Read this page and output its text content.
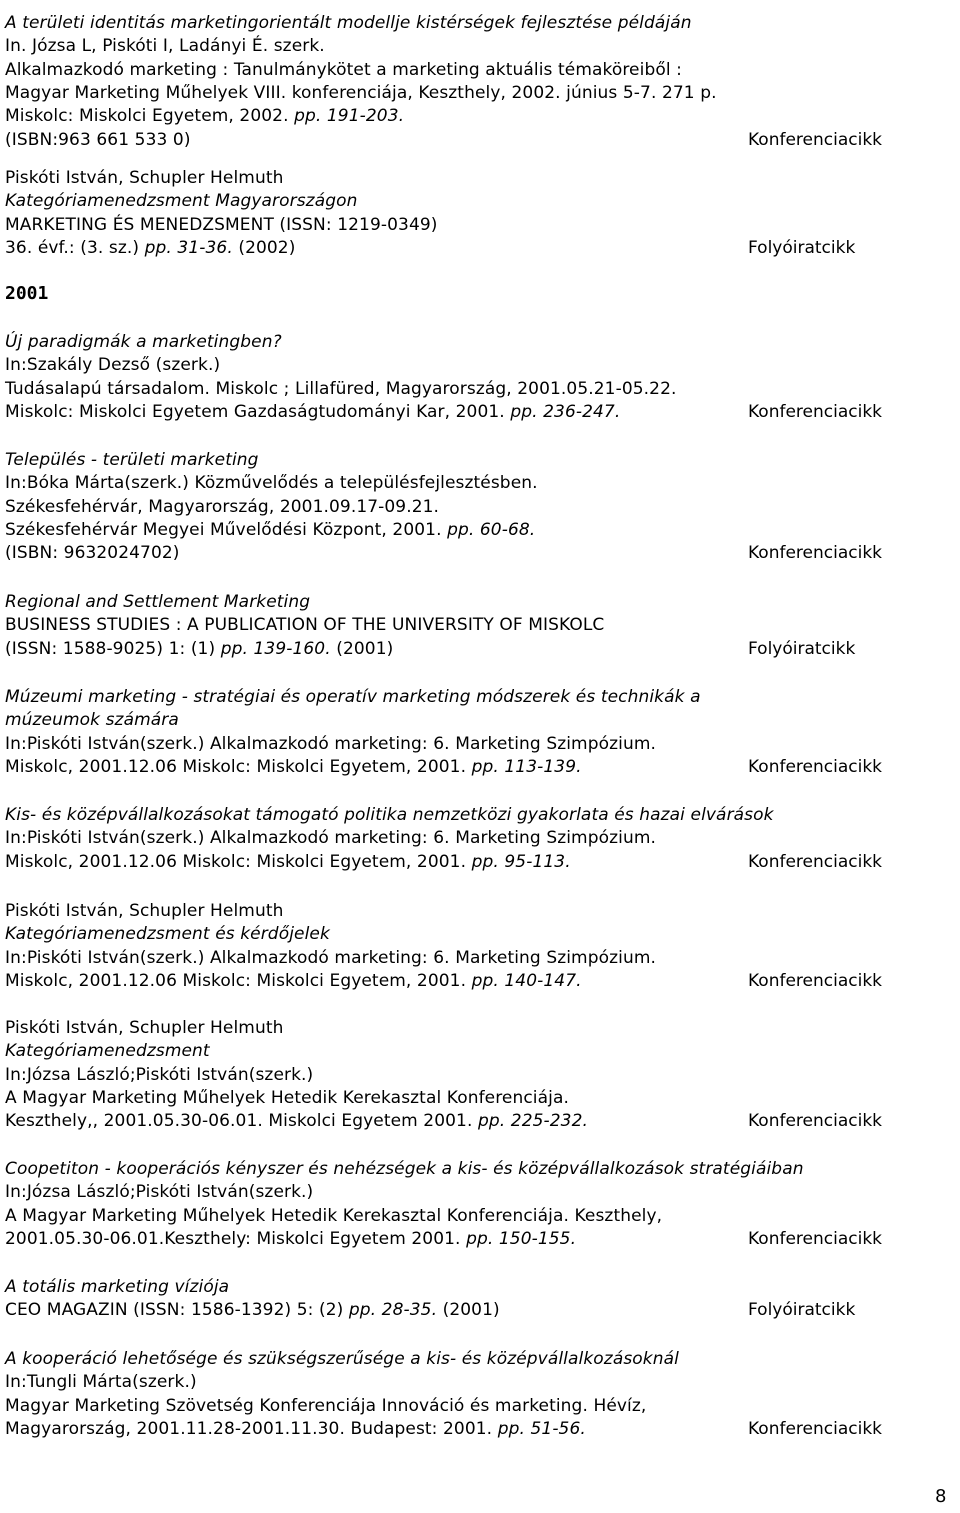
2001
8
A területi identitás marketingorientált modellje kistérségek fejlesztése példáján
In. Józsa L, Piskóti I, Ladányi É. szerk.
Alkalmazkodó marketing : Tanulmánykötet a marketing aktuális témaköreiből :
Magyar Marketing Műhelyek VIII. konferenciája, Keszthely, 2002. június 5-7. 271 p.
Miskolc: Miskolci Egyetem, 2002. pp. 191-203.
(ISBN:963 661 533 0)	Konferenciacikk
Piskóti István, Schupler Helmuth
Kategóriamenedzsment Magyarországon
MARKETING ÉS MENEDZSMENT (ISSN: 1219-0349)
36. évf.: (3. sz.) pp. 31-36. (2002)	Folyóiratcikk
Új paradigmák a marketingben?
In:Szakály Dezső (szerk.)
Tudásalapú társadalom. Miskolc ; Lillafüred, Magyarország, 2001.05.21-05.22.
Miskolc: Miskolci Egyetem Gazdaságtudományi Kar, 2001. pp. 236-247.	Konferenciacikk
Település - területi marketing
In:Bóka Márta(szerk.) Közművelődés a településfejlesztésben.
Székesfehérvár, Magyarország, 2001.09.17-09.21.
Székesfehérvár Megyei Művelődési Központ, 2001. pp. 60-68.
(ISBN: 9632024702)	Konferenciacikk
Regional and Settlement Marketing
BUSINESS STUDIES : A PUBLICATION OF THE UNIVERSITY OF MISKOLC
(ISSN: 1588-9025) 1: (1) pp. 139-160. (2001)	Folyóiratcikk
Múzeumi marketing - stratégiai és operatív marketing módszerek és technikák a
múzeumok számára
In:Piskóti István(szerk.) Alkalmazkodó marketing: 6. Marketing Szimpózium.
Miskolc, 2001.12.06 Miskolc: Miskolci Egyetem, 2001. pp. 113-139.	Konferenciacikk
Kis- és középvállalkozásokat támogató politika nemzetközi gyakorlata és hazai elvárások
In:Piskóti István(szerk.) Alkalmazkodó marketing: 6. Marketing Szimpózium.
Miskolc, 2001.12.06 Miskolc: Miskolci Egyetem, 2001. pp. 95-113.	Konferenciacikk
Piskóti István, Schupler Helmuth
Kategóriamenedzsment és kérdőjelek
In:Piskóti István(szerk.) Alkalmazkodó marketing: 6. Marketing Szimpózium.
Miskolc, 2001.12.06 Miskolc: Miskolci Egyetem, 2001. pp. 140-147.	Konferenciacikk
Piskóti István, Schupler Helmuth
Kategóriamenedzsment
In:Józsa László;Piskóti István(szerk.)
A Magyar Marketing Műhelyek Hetedik Kerekasztal Konferenciája.
Keszthely,, 2001.05.30-06.01. Miskolci Egyetem 2001. pp. 225-232.	Konferenciacikk
Coopetiton - kooperációs kényszer és nehézségek a kis- és középvállalkozások stratégiáiban
In:Józsa László;Piskóti István(szerk.)
A Magyar Marketing Műhelyek Hetedik Kerekasztal Konferenciája. Keszthely,
2001.05.30-06.01.Keszthely: Miskolci Egyetem 2001. pp. 150-155.	Konferenciacikk
A totális marketing víziója
CEO MAGAZIN (ISSN: 1586-1392) 5: (2) pp. 28-35. (2001)	Folyóiratcikk
A kooperáció lehetősége és szükségszerűsége a kis- és középvállalkozásoknál
In:Tungli Márta(szerk.)
Magyar Marketing Szövetség Konferenciája Innováció és marketing. Hévíz,
Magyarország, 2001.11.28-2001.11.30. Budapest: 2001. pp. 51-56.	Konferenciacikk
